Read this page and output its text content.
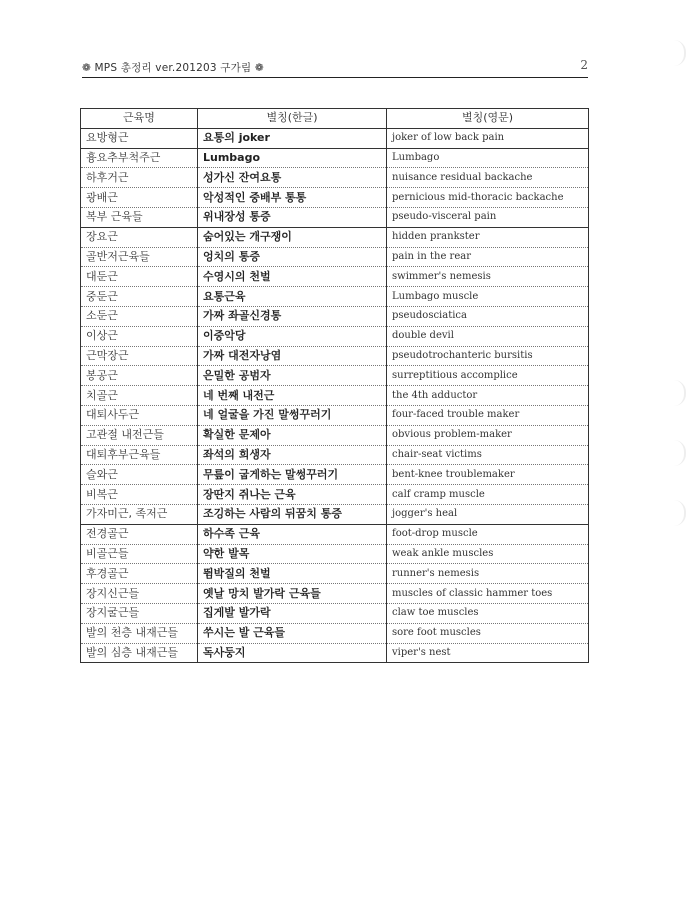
❁ MPS 총정리 ver.201203 구가림 ❁	2
근육명	별칭(한글)	별칭(영문)
요방형근	요통의 joker	joker of low back pain
흉요추부척주근	Lumbago	Lumbago
하후거근	성가신 잔여요통	nuisance residual backache
광배근	악성적인 중배부 통통	pernicious mid-thoracic backache
복부 근육들	위내장성 통증	pseudo-visceral pain
장요근	숨어있는 개구쟁이	hidden prankster
골반저근육들	엉치의 통증	pain in the rear
대둔근	수영시의 천벌	swimmer's nemesis
중둔근	요통근육	Lumbago muscle
소둔근	가짜 좌골신경통	pseudosciatica
이상근	이중악당	double devil
근막장근	가짜 대전자낭염	pseudotrochanteric bursitis
봉공근	은밀한 공범자	surreptitious accomplice
치골근	네 번째 내전근	the 4th adductor
대퇴사두근	네 얼굴을 가진 말썽꾸러기	four-faced trouble maker
고관절 내전근들	확실한 문제아	obvious problem-maker
대퇴후부근육들	좌석의 희생자	chair-seat victims
슬와근	무릎이 굽게하는 말썽꾸러기	bent-knee troublemaker
비복근	장딴지 쥐나는 근육	calf cramp muscle
가자미근, 족저근	조깅하는 사람의 뒤꿈치 통증	jogger's heal
전경골근	하수족 근육	foot-drop muscle
비골근들	약한 발목	weak ankle muscles
후경골근	뜀박질의 천벌	runner's nemesis
장지신근들	옛날 망치 발가락 근육들	muscles of classic hammer toes
장지굴근들	집게발 발가락	claw toe muscles
발의 천층 내재근들	쑤시는 발 근육들	sore foot muscles
발의 심층 내재근들	독사둥지	viper's nest
